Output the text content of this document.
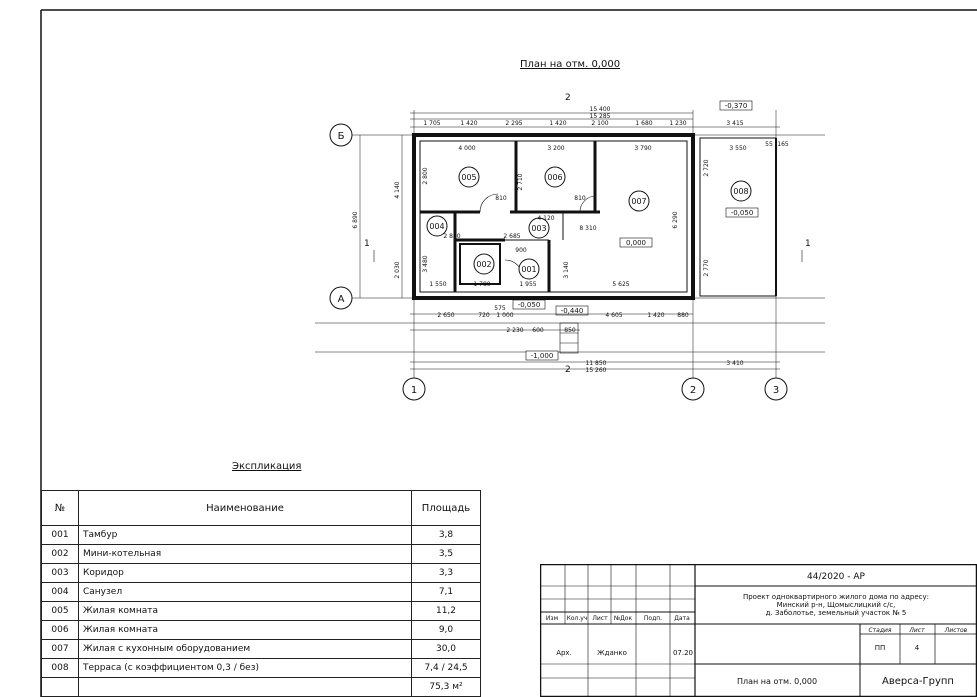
Б
А
1	2	3
005	006
007
008
004	003
002
001
-0,370
0,000
-0,050
-0,050
-0,440
-1,000
2
2
1	1
15 400
15 285
1 705	1 420	2 295	1 420	2 100	1 680	1 230	3 415
4 000	3 200	3 790	3 550
2 650	720 1 000	4 605	1 420 880
2 230 600	850
11 850
15 260
3 410
4 140
2 030
6 890
2 800
810	810
2 820	2 685
8 310
1 550	1 780	1 955	5 625
3 480
2 720
6 290
2 770
2 710
4 120
900
575
55 165
3 140
План на отм. 0,000
Экспликация
№	Наименование	Площадь
001	Тамбур	3,8
002	Мини-котельная	3,5
003	Коридор	3,3
004	Санузел	7,1
005	Жилая комната	11,2
006	Жилая комната	9,0
007	Жилая с кухонным оборудованием	30,0
008	Терраса (с коэффициентом 0,3 / без)	7,4 / 24,5
		75,3 м²
Изм Кол.уч Лист №Док Подп. Дата
Арх.	Жданко	07.20
44/2020 - АР
Проект одноквартирного жилого дома по адресу:
Минский р-н, Щомыслицкий с/с,
д. Заболотье, земельный участок № 5
Стадия	Лист	Листов
ПП	4
План на отм. 0,000	Аверса-Групп
